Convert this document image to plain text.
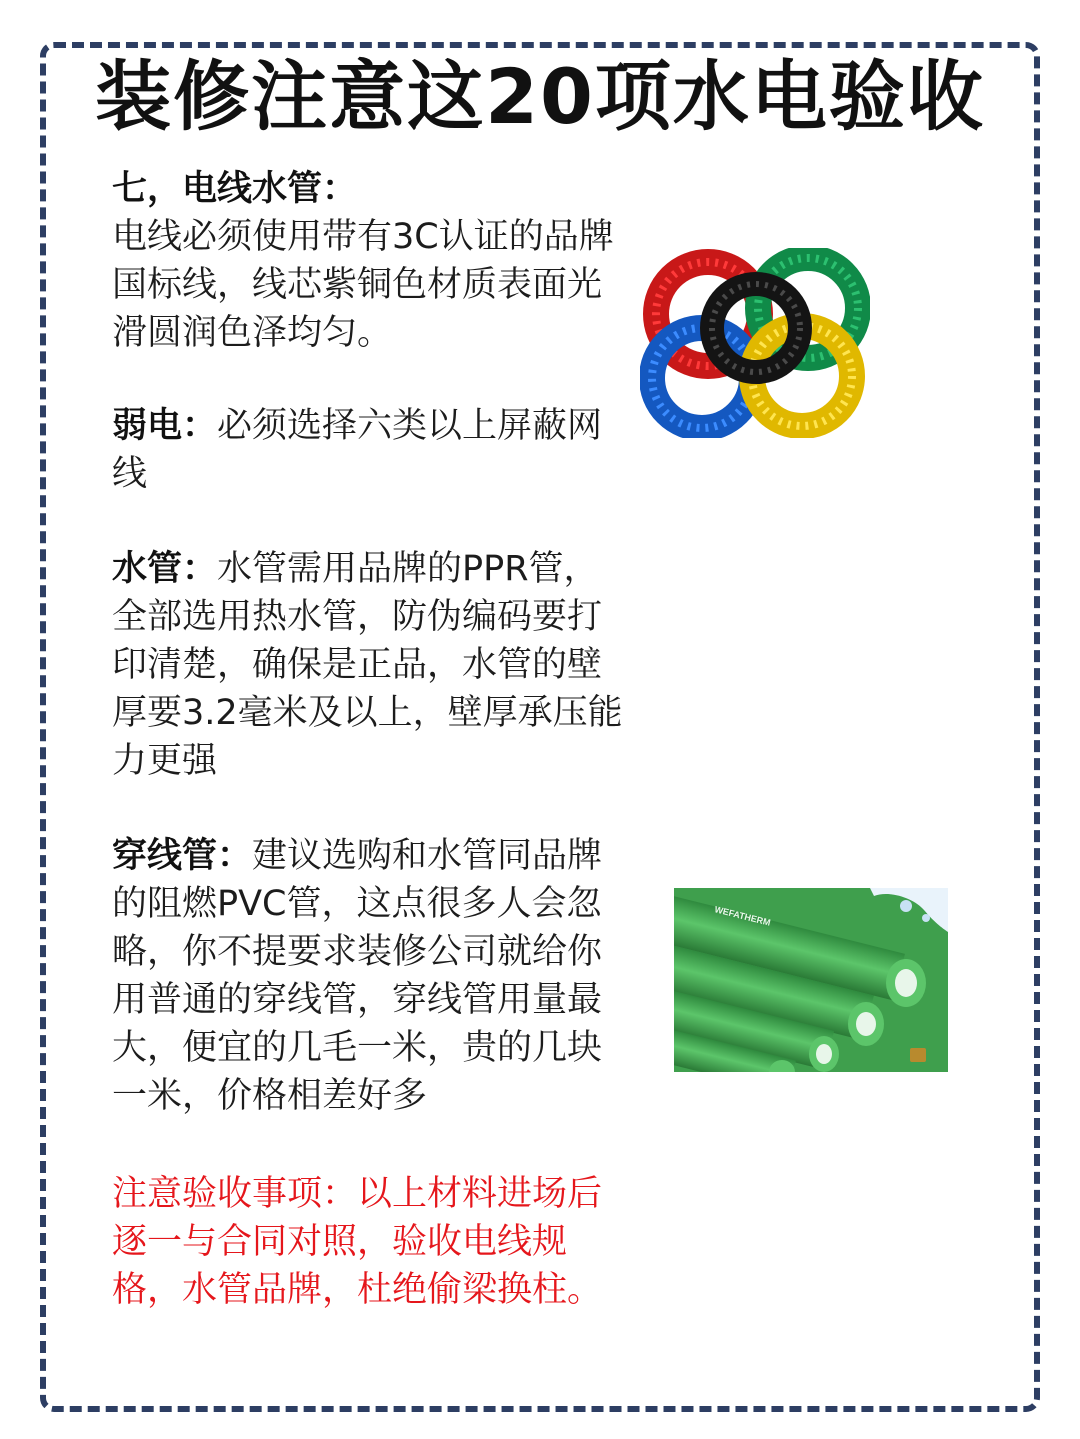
装修注意这20项水电验收
七，电线水管：
电线必须使用带有3C认证的品牌国标线，线芯紫铜色材质表面光滑圆润色泽均匀。
弱电：必须选择六类以上屏蔽网线
水管：水管需用品牌的PPR管，全部选用热水管，防伪编码要打印清楚，确保是正品，水管的壁厚要3.2毫米及以上，壁厚承压能力更强
穿线管：建议选购和水管同品牌的阻燃PVC管，这点很多人会忽略，你不提要求装修公司就给你用普通的穿线管，穿线管用量最大，便宜的几毛一米，贵的几块一米，价格相差好多
注意验收事项：以上材料进场后逐一与合同对照，验收电线规格，水管品牌，杜绝偷梁换柱。
WEFATHERM
